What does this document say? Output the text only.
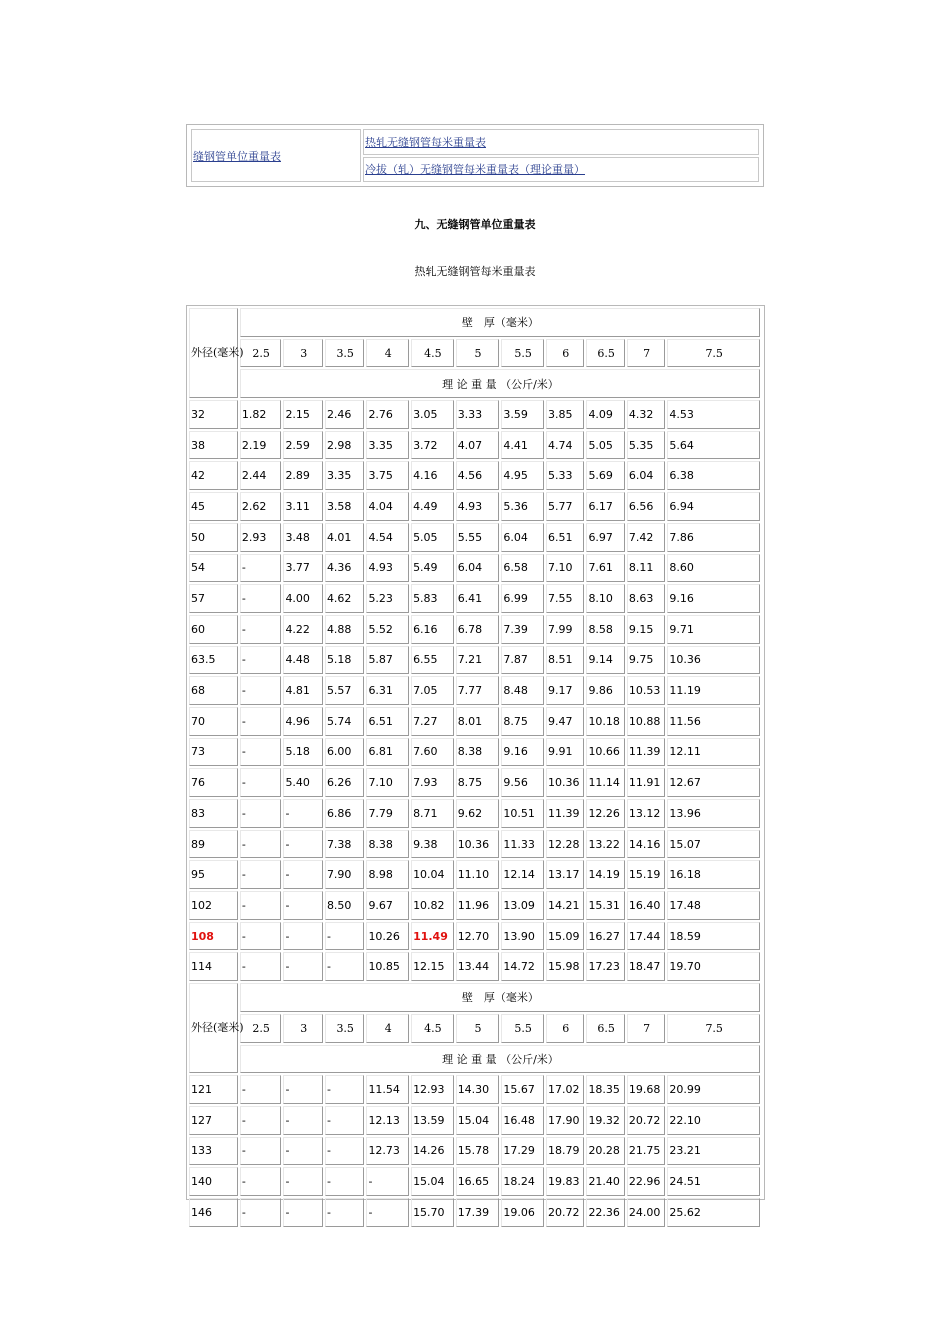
缝钢管单位重量表	热轧无缝钢管每米重量表
冷拔（轧）无缝钢管每米重量表（理论重量）
九、无缝钢管单位重量表
热轧无缝钢管每米重量表
外径(毫米)	壁　厚（毫米）										
	2.5	3	3.5	4	4.5	5	5.5	6	6.5	7	7.5
	理 论 重 量 （公斤/米）										
32	1.82	2.15	2.46	2.76	3.05	3.33	3.59	3.85	4.09	4.32	4.53
38	2.19	2.59	2.98	3.35	3.72	4.07	4.41	4.74	5.05	5.35	5.64
42	2.44	2.89	3.35	3.75	4.16	4.56	4.95	5.33	5.69	6.04	6.38
45	2.62	3.11	3.58	4.04	4.49	4.93	5.36	5.77	6.17	6.56	6.94
50	2.93	3.48	4.01	4.54	5.05	5.55	6.04	6.51	6.97	7.42	7.86
54	-	3.77	4.36	4.93	5.49	6.04	6.58	7.10	7.61	8.11	8.60
57	-	4.00	4.62	5.23	5.83	6.41	6.99	7.55	8.10	8.63	9.16
60	-	4.22	4.88	5.52	6.16	6.78	7.39	7.99	8.58	9.15	9.71
63.5	-	4.48	5.18	5.87	6.55	7.21	7.87	8.51	9.14	9.75	10.36
68	-	4.81	5.57	6.31	7.05	7.77	8.48	9.17	9.86	10.53	11.19
70	-	4.96	5.74	6.51	7.27	8.01	8.75	9.47	10.18	10.88	11.56
73	-	5.18	6.00	6.81	7.60	8.38	9.16	9.91	10.66	11.39	12.11
76	-	5.40	6.26	7.10	7.93	8.75	9.56	10.36	11.14	11.91	12.67
83	-	-	6.86	7.79	8.71	9.62	10.51	11.39	12.26	13.12	13.96
89	-	-	7.38	8.38	9.38	10.36	11.33	12.28	13.22	14.16	15.07
95	-	-	7.90	8.98	10.04	11.10	12.14	13.17	14.19	15.19	16.18
102	-	-	8.50	9.67	10.82	11.96	13.09	14.21	15.31	16.40	17.48
108	-	-	-	10.26	11.49	12.70	13.90	15.09	16.27	17.44	18.59
114	-	-	-	10.85	12.15	13.44	14.72	15.98	17.23	18.47	19.70
外径(毫米)	壁　厚（毫米）										
	2.5	3	3.5	4	4.5	5	5.5	6	6.5	7	7.5
	理 论 重 量 （公斤/米）										
121	-	-	-	11.54	12.93	14.30	15.67	17.02	18.35	19.68	20.99
127	-	-	-	12.13	13.59	15.04	16.48	17.90	19.32	20.72	22.10
133	-	-	-	12.73	14.26	15.78	17.29	18.79	20.28	21.75	23.21
140	-	-	-	-	15.04	16.65	18.24	19.83	21.40	22.96	24.51
146	-	-	-	-	15.70	17.39	19.06	20.72	22.36	24.00	25.62
